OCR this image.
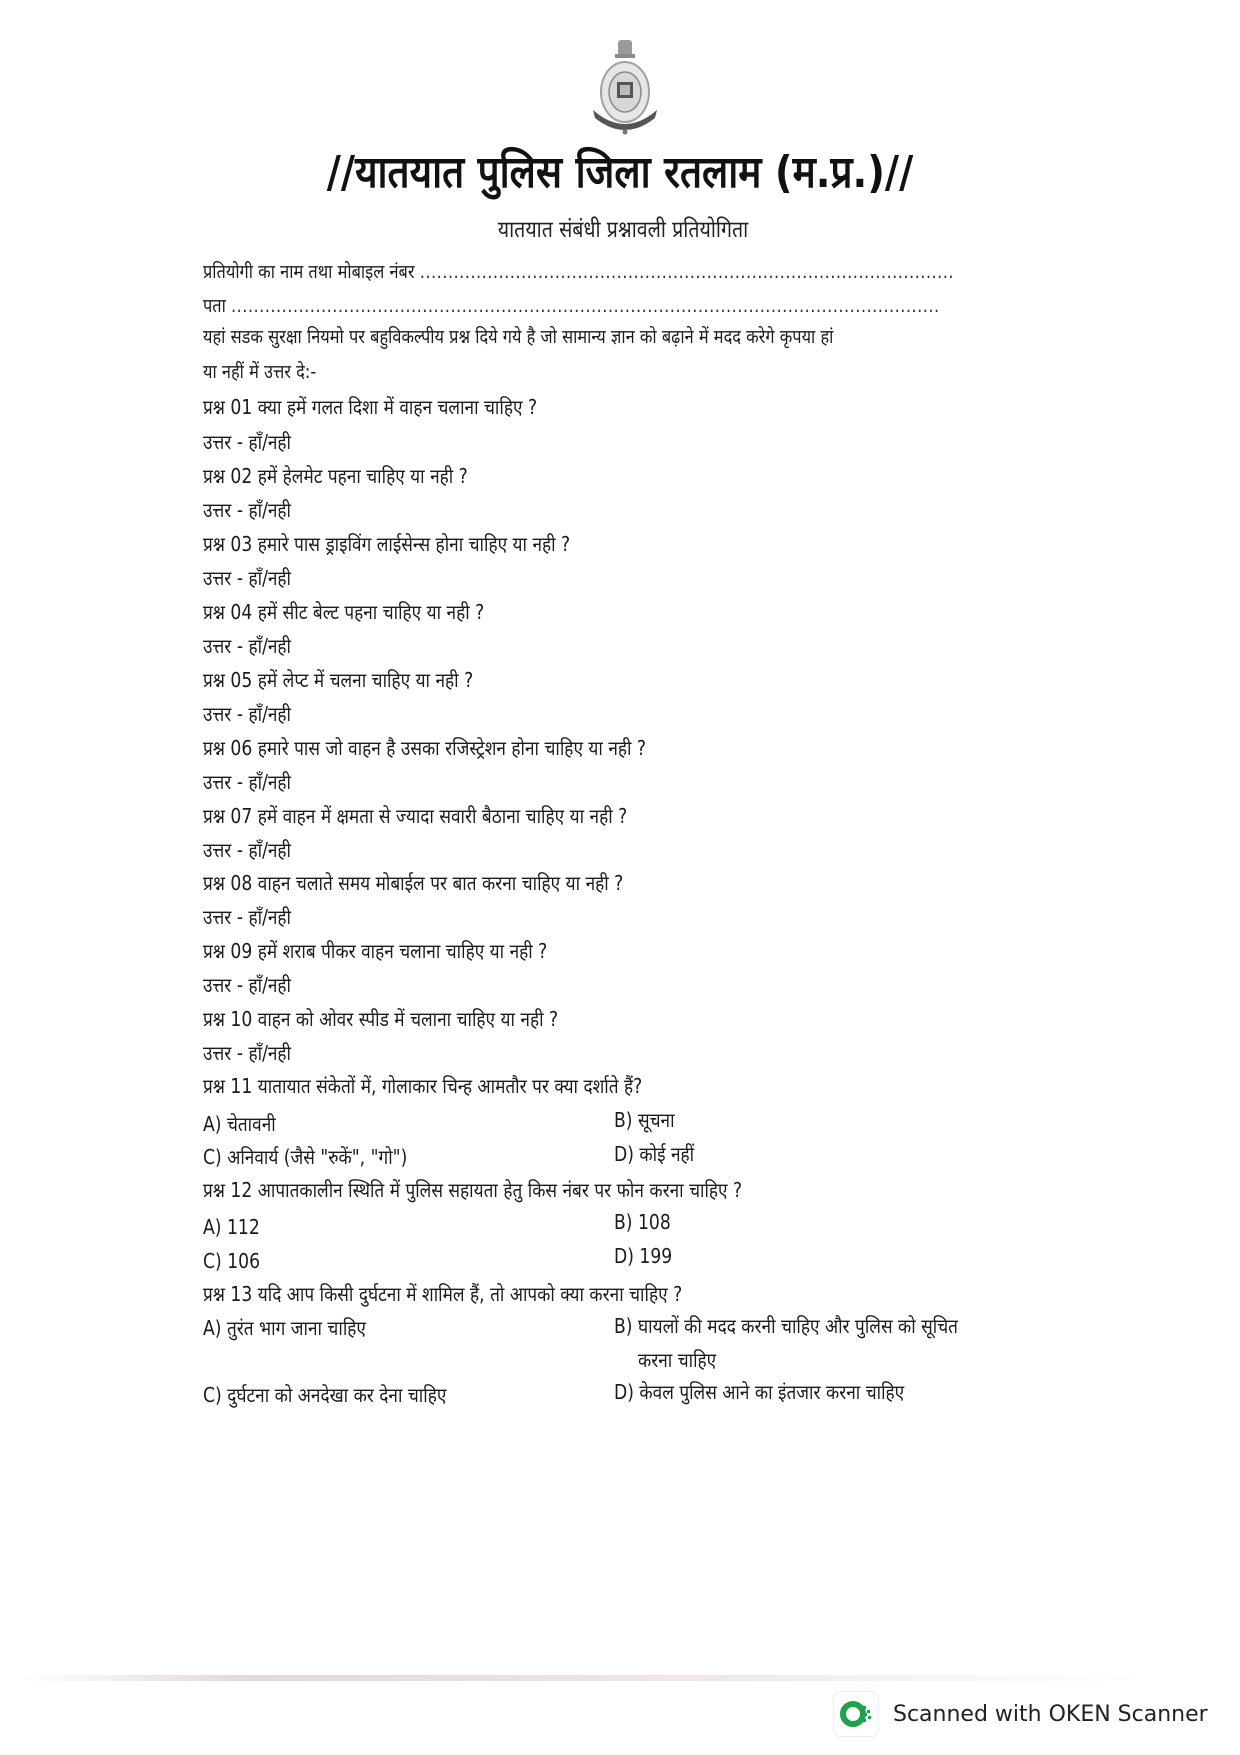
//यातयात पुलिस जिला रतलाम (म.प्र.)//
यातयात संबंधी प्रश्नावली प्रतियोगिता
प्रतियोगी का नाम तथा मोबाइल नंबर ...............................................................................................
पता ..............................................................................................................................
यहां सडक सुरक्षा नियमो पर बहुविकल्पीय प्रश्न दिये गये है जो सामान्य ज्ञान को बढ़ाने में मदद करेगे कृपया हां
या नहीं में उत्तर दे:-
प्रश्न 01 क्या हमें गलत दिशा में वाहन चलाना चाहिए ?
उत्तर - हाँ/नही
प्रश्न 02 हमें हेलमेट पहना चाहिए या नही ?
उत्तर - हाँ/नही
प्रश्न 03 हमारे पास ड्राइविंग लाईसेन्स होना चाहिए या नही ?
उत्तर - हाँ/नही
प्रश्न 04 हमें सीट बेल्ट पहना चाहिए या नही ?
उत्तर - हाँ/नही
प्रश्न 05 हमें लेप्ट में चलना चाहिए या नही ?
उत्तर - हाँ/नही
प्रश्न 06 हमारे पास जो वाहन है उसका रजिस्ट्रेशन होना चाहिए या नही ?
उत्तर - हाँ/नही
प्रश्न 07 हमें वाहन में क्षमता से ज्यादा सवारी बैठाना चाहिए या नही ?
उत्तर - हाँ/नही
प्रश्न 08 वाहन चलाते समय मोबाईल पर बात करना चाहिए या नही ?
उत्तर - हाँ/नही
प्रश्न 09 हमें शराब पीकर वाहन चलाना चाहिए या नही ?
उत्तर - हाँ/नही
प्रश्न 10 वाहन को ओवर स्पीड में चलाना चाहिए या नही ?
उत्तर - हाँ/नही
प्रश्न 11 यातायात संकेतों में, गोलाकार चिन्ह आमतौर पर क्या दर्शाते हैं?
A) चेतावनी	B) सूचना
C) अनिवार्य (जैसे "रुकें", "गो")	D) कोई नहीं
प्रश्न 12 आपातकालीन स्थिति में पुलिस सहायता हेतु किस नंबर पर फोन करना चाहिए ?
A) 112	B) 108
C) 106	D) 199
प्रश्न 13 यदि आप किसी दुर्घटना में शामिल हैं, तो आपको क्या करना चाहिए ?
A) तुरंत भाग जाना चाहिए	B) घायलों की मदद करनी चाहिए और पुलिस को सूचित
करना चाहिए
C) दुर्घटना को अनदेखा कर देना चाहिए	D) केवल पुलिस आने का इंतजार करना चाहिए
Scanned with OKEN Scanner
